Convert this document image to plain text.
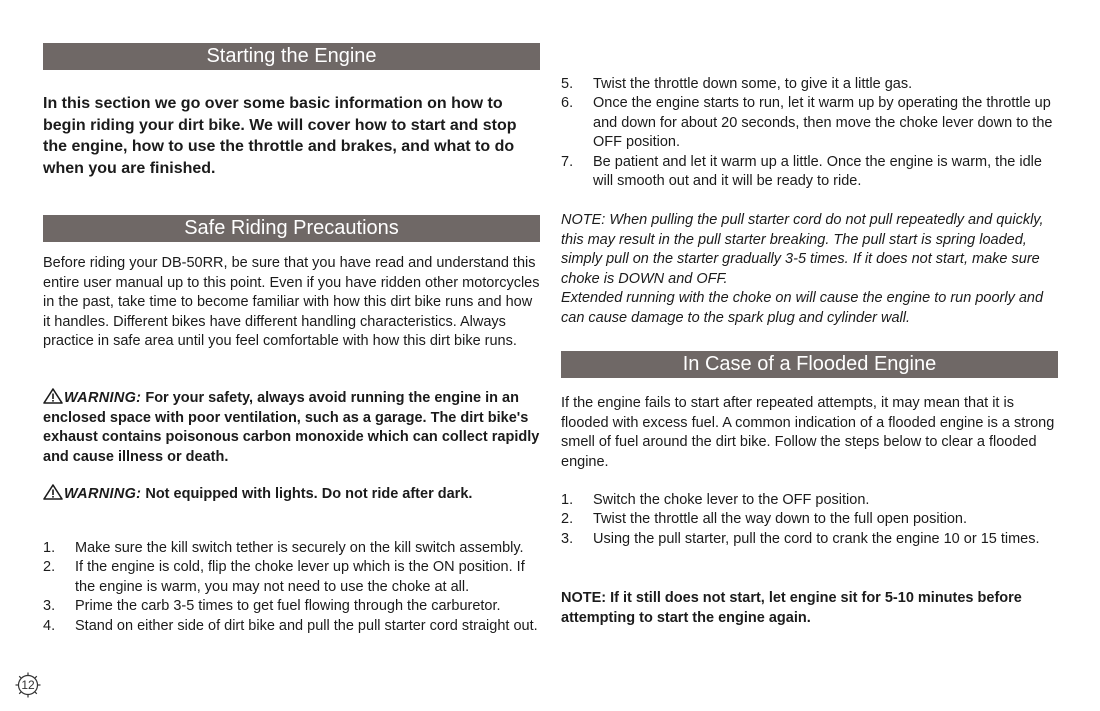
Starting the Engine

In this section we go over some basic information on how to begin riding your dirt bike. We will cover how to start and stop the engine, how to use the throttle and brakes, and what to do when you are finished.

Safe Riding Precautions

Before riding your DB-50RR, be sure that you have read and understand this entire user manual up to this point. Even if you have ridden other motorcycles in the past, take time to become familiar with how this dirt bike runs and how it handles. Different bikes have different handling characteristics. Always practice in safe area until you feel comfortable with how this dirt bike runs.

WARNING: For your safety, always avoid running the engine in an enclosed space with poor ventilation, such as a garage. The dirt bike's exhaust contains poisonous carbon monoxide which can collect rapidly and cause illness or death.

WARNING: Not equipped with lights. Do not ride after dark.

1. Make sure the kill switch tether is securely on the kill switch assembly.
2. If the engine is cold, flip the choke lever up which is the ON position. If the engine is warm, you may not need to use the choke at all.
3. Prime the carb 3-5 times to get fuel flowing through the carburetor.
4. Stand on either side of dirt bike and pull the pull starter cord straight out.
5. Twist the throttle down some, to give it a little gas.
6. Once the engine starts to run, let it warm up by operating the throttle up and down for about 20 seconds, then move the choke lever down to the OFF position.
7. Be patient and let it warm up a little. Once the engine is warm, the idle will smooth out and it will be ready to ride.

NOTE: When pulling the pull starter cord do not pull repeatedly and quickly, this may result in the pull starter breaking. The pull start is spring loaded, simply pull on the starter gradually 3-5 times. If it does not start, make sure choke is DOWN and OFF.

Extended running with the choke on will cause the engine to run poorly and can cause damage to the spark plug and cylinder wall.

In Case of a Flooded Engine

If the engine fails to start after repeated attempts, it may mean that it is flooded with excess fuel. A common indication of a flooded engine is a strong smell of fuel around the dirt bike. Follow the steps below to clear a flooded engine.

1. Switch the choke lever to the OFF position.
2. Twist the throttle all the way down to the full open position.
3. Using the pull starter, pull the cord to crank the engine 10 or 15 times.

NOTE: If it still does not start, let engine sit for 5-10 minutes before attempting to start the engine again.

12
